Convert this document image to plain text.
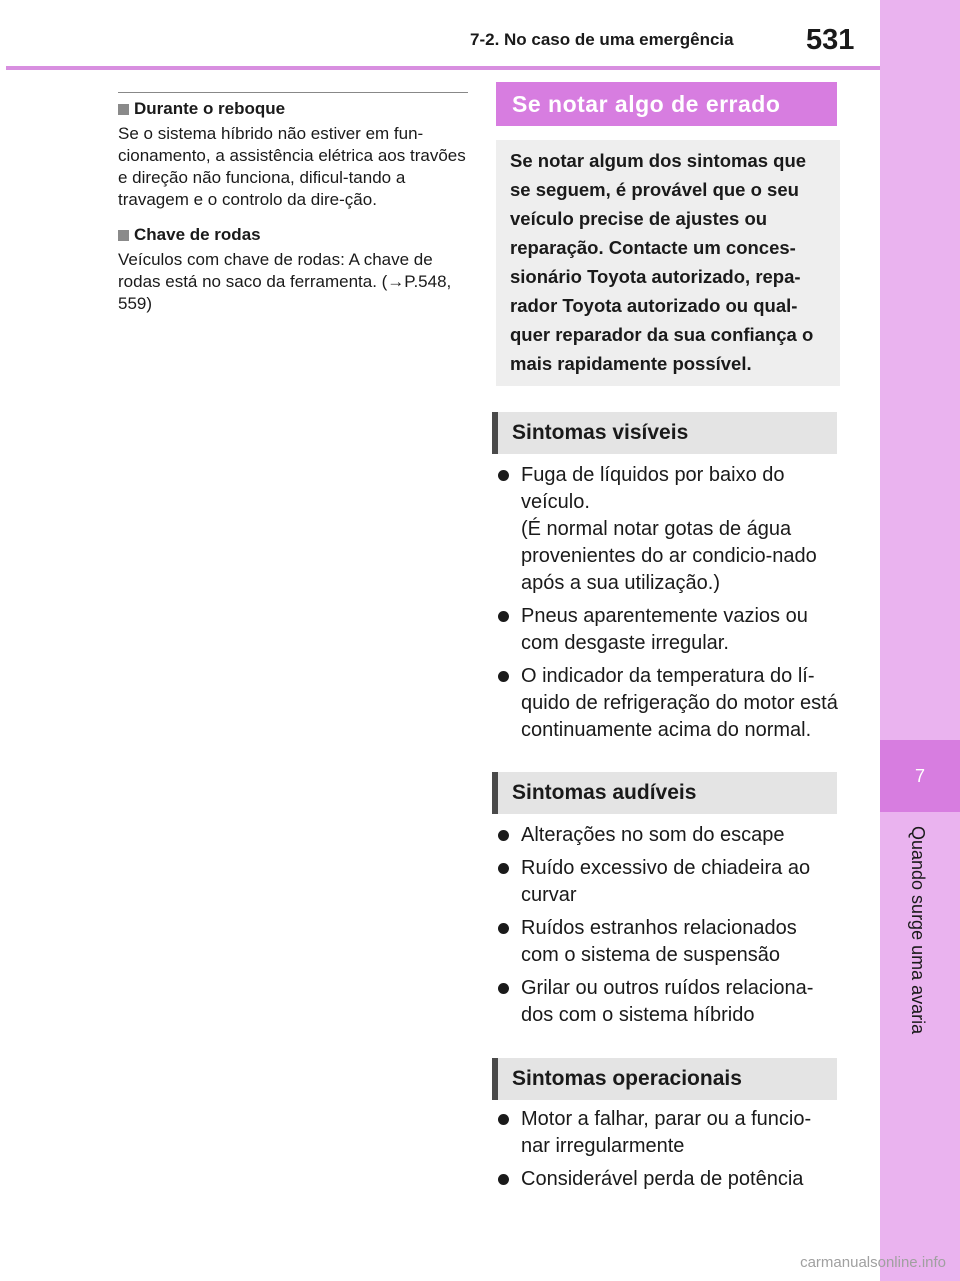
7-2. No caso de uma emergência	531
7
Quando surge uma avaria
Durante o reboque

Se o sistema híbrido não estiver em fun-cionamento, a assistência elétrica aos travões e direção não funciona, dificul-tando a travagem e o controlo da dire-ção.

Chave de rodas

Veículos com chave de rodas: A chave de rodas está no saco da ferramenta. (→P.548, 559)

Se notar algo de errado
Se notar algum dos sintomas que se seguem, é provável que o seu veículo precise de ajustes ou reparação. Contacte um conces-sionário Toyota autorizado, repa-rador Toyota autorizado ou qual-quer reparador da sua confiança o mais rapidamente possível.
Sintomas visíveis
Fuga de líquidos por baixo do veículo.
(É normal notar gotas de água provenientes do ar condicio-nado após a sua utilização.)
Pneus aparentemente vazios ou com desgaste irregular.
O indicador da temperatura do lí-quido de refrigeração do motor está continuamente acima do normal.
Sintomas audíveis
Alterações no som do escape
Ruído excessivo de chiadeira ao curvar
Ruídos estranhos relacionados com o sistema de suspensão
Grilar ou outros ruídos relaciona-dos com o sistema híbrido
Sintomas operacionais
Motor a falhar, parar ou a funcio-nar irregularmente
Considerável perda de potência
carmanualsonline.info
